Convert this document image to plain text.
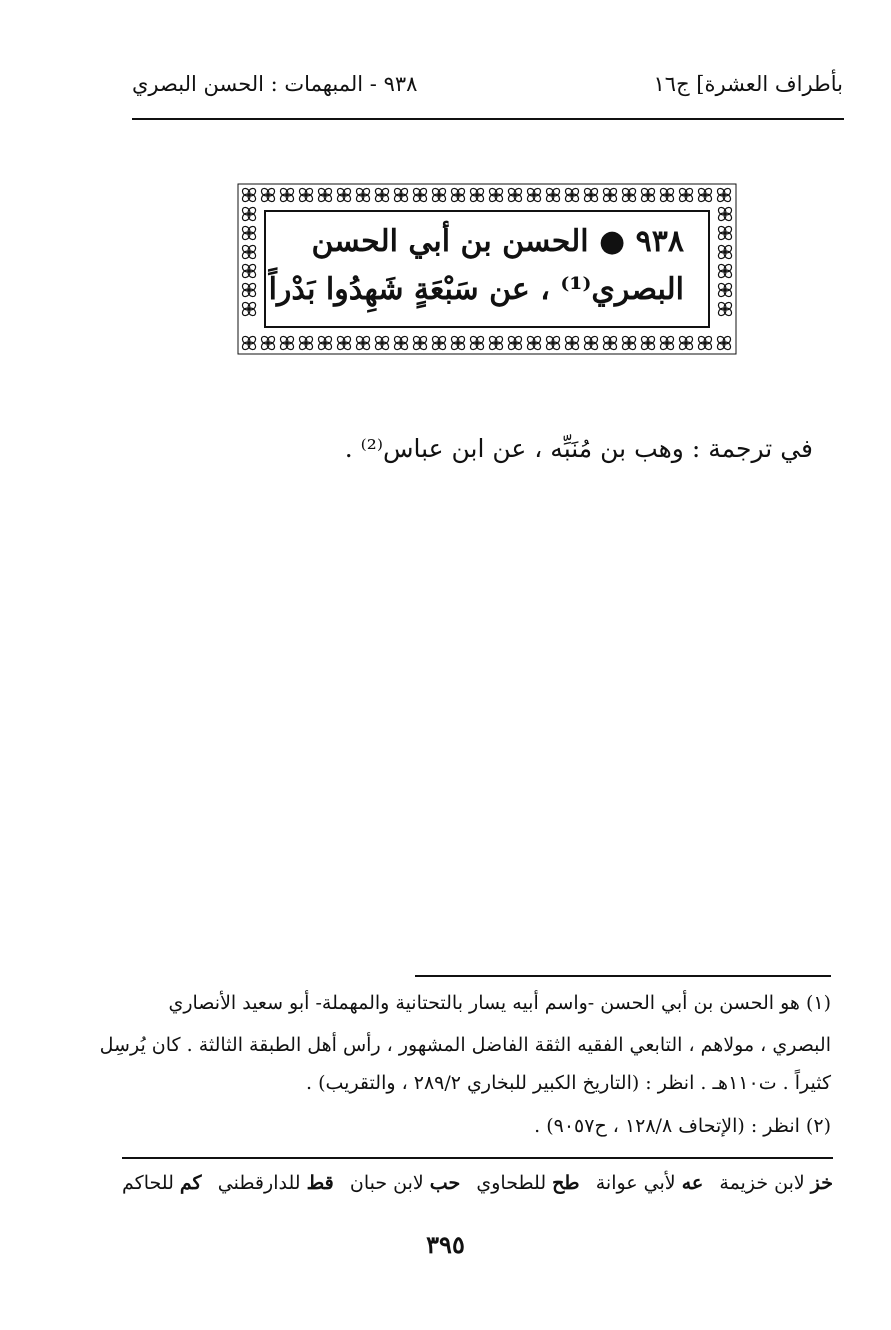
بأطراف العشرة] ج١٦
٩٣٨ - المبهمات : الحسن البصري
٩٣٨ ● الحسن بن أبي الحسن
البصري⁽¹⁾ ، عن سَبْعَةٍ شَهِدُوا بَدْراً
في ترجمة : وهب بن مُنَبِّه ، عن ابن عباس⁽²⁾ .
(١) هو الحسن بن أبي الحسن -واسم أبيه يسار بالتحتانية والمهملة- أبو سعيد الأنصاري
البصري ، مولاهم ، التابعي الفقيه الثقة الفاضل المشهور ، رأس أهل الطبقة الثالثة . كان يُرسِل
كثيراً . ت١١٠هـ . انظر : (التاريخ الكبير للبخاري ٢٨٩/٢ ، والتقريب) .
(٢) انظر : (الإتحاف ١٢٨/٨ ، ح٩٠٥٧) .
خز لابن خزيمة
عه لأبي عوانة
طح للطحاوي
حب لابن حبان
قط للدارقطني
كم للحاكم
٣٩٥
